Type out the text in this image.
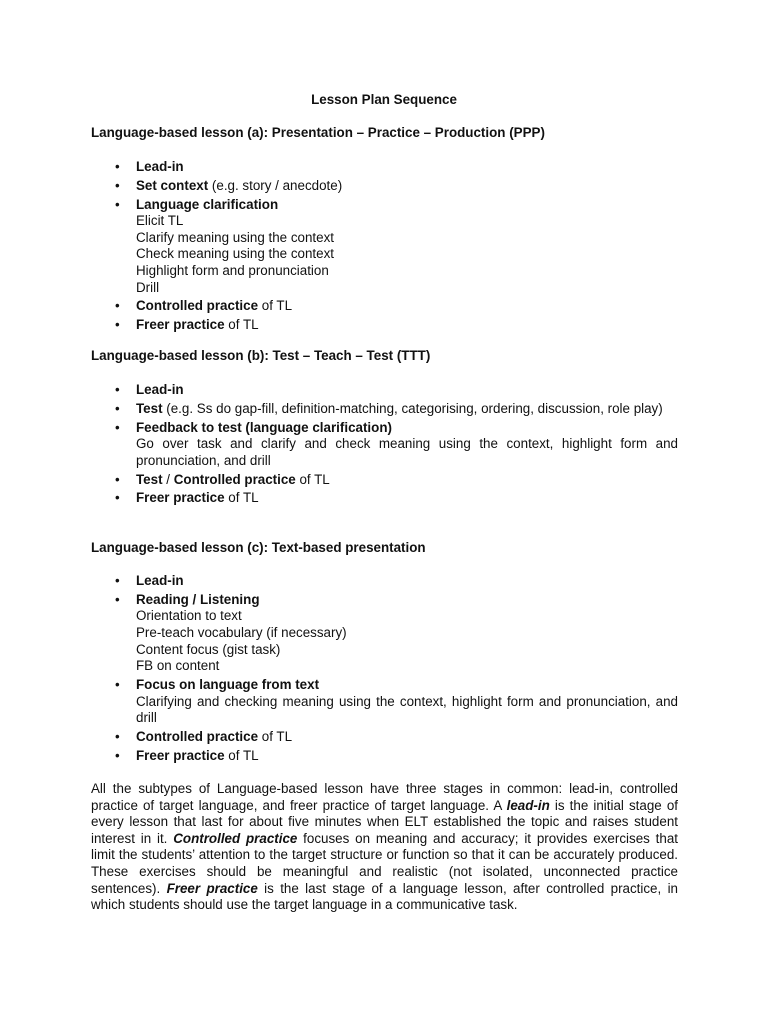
Lesson Plan Sequence
Language-based lesson (a): Presentation – Practice – Production (PPP)
•	Lead-in
•	Set context (e.g. story / anecdote)
•	Language clarification
Elicit TL
Clarify meaning using the context
Check meaning using the context
Highlight form and pronunciation
Drill
•	Controlled practice of TL
•	Freer practice of TL
Language-based lesson (b): Test – Teach – Test (TTT)
•	Lead-in
•	Test (e.g. Ss do gap-fill, definition-matching, categorising, ordering, discussion, role play)
•	Feedback to test (language clarification)
Go over task and clarify and check meaning using the context, highlight form and pronunciation, and drill
•	Test / Controlled practice of TL
•	Freer practice of TL
Language-based lesson (c): Text-based presentation
•	Lead-in
•	Reading / Listening
Orientation to text
Pre-teach vocabulary (if necessary)
Content focus (gist task)
FB on content
•	Focus on language from text
Clarifying and checking meaning using the context, highlight form and pronunciation, and drill
•	Controlled practice of TL
•	Freer practice of TL

All the subtypes of Language-based lesson have three stages in common: lead-in, controlled practice of target language, and freer practice of target language. A lead-in is the initial stage of every lesson that last for about five minutes when ELT established the topic and raises student interest in it. Controlled practice focuses on meaning and accuracy; it provides exercises that limit the students’ attention to the target structure or function so that it can be accurately produced. These exercises should be meaningful and realistic (not isolated, unconnected practice sentences). Freer practice is the last stage of a language lesson, after controlled practice, in which students should use the target language in a communicative task.
